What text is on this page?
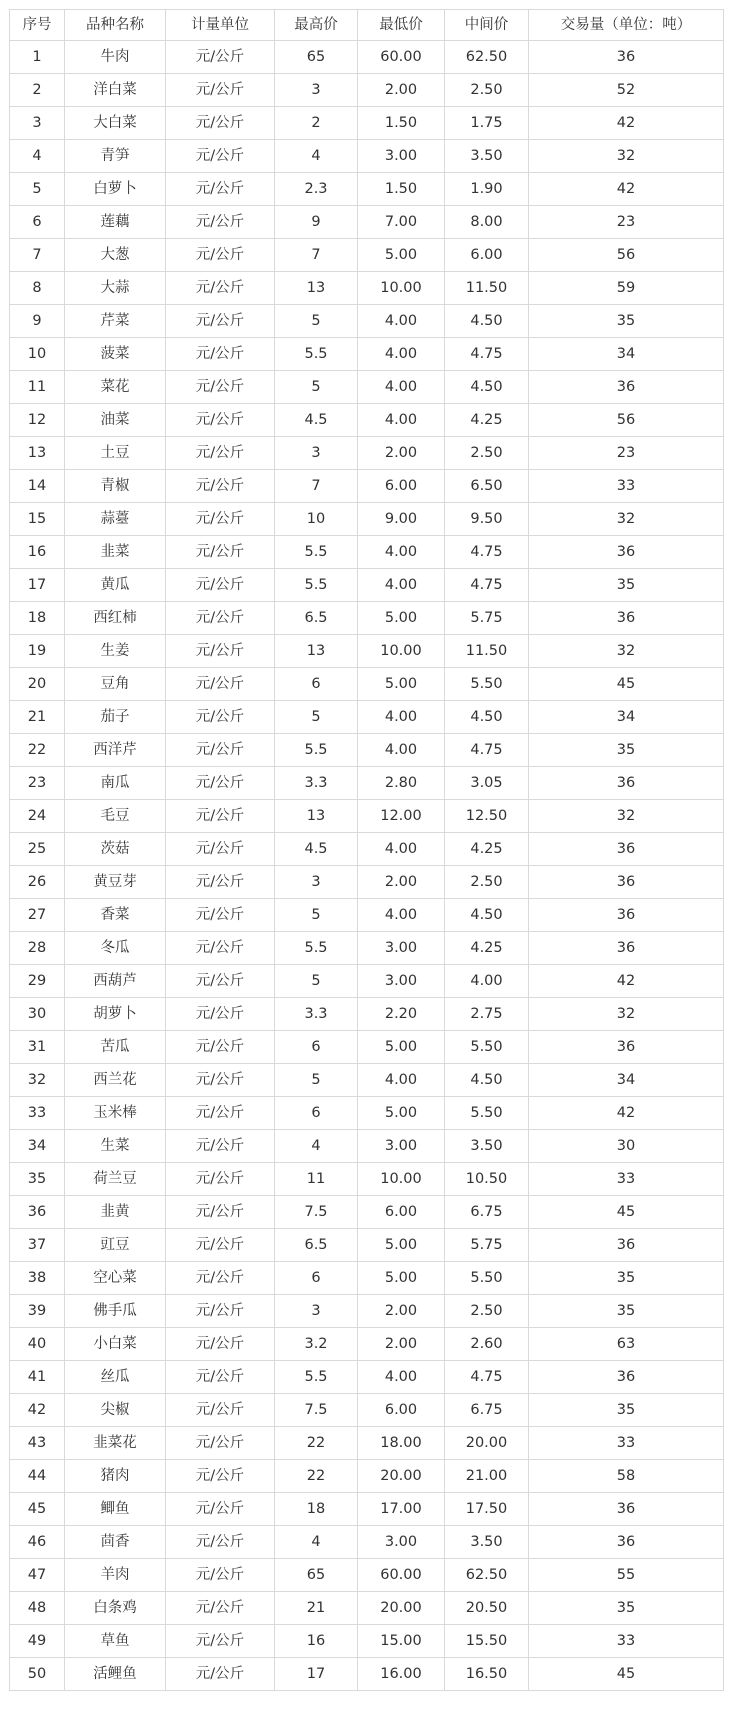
序号	品种名称	计量单位	最高价	最低价	中间价	交易量（单位：吨）
1	牛肉	元/公斤	65	60.00	62.50	36
2	洋白菜	元/公斤	3	2.00	2.50	52
3	大白菜	元/公斤	2	1.50	1.75	42
4	青笋	元/公斤	4	3.00	3.50	32
5	白萝卜	元/公斤	2.3	1.50	1.90	42
6	莲藕	元/公斤	9	7.00	8.00	23
7	大葱	元/公斤	7	5.00	6.00	56
8	大蒜	元/公斤	13	10.00	11.50	59
9	芹菜	元/公斤	5	4.00	4.50	35
10	菠菜	元/公斤	5.5	4.00	4.75	34
11	菜花	元/公斤	5	4.00	4.50	36
12	油菜	元/公斤	4.5	4.00	4.25	56
13	土豆	元/公斤	3	2.00	2.50	23
14	青椒	元/公斤	7	6.00	6.50	33
15	蒜薹	元/公斤	10	9.00	9.50	32
16	韭菜	元/公斤	5.5	4.00	4.75	36
17	黄瓜	元/公斤	5.5	4.00	4.75	35
18	西红柿	元/公斤	6.5	5.00	5.75	36
19	生姜	元/公斤	13	10.00	11.50	32
20	豆角	元/公斤	6	5.00	5.50	45
21	茄子	元/公斤	5	4.00	4.50	34
22	西洋芹	元/公斤	5.5	4.00	4.75	35
23	南瓜	元/公斤	3.3	2.80	3.05	36
24	毛豆	元/公斤	13	12.00	12.50	32
25	茨菇	元/公斤	4.5	4.00	4.25	36
26	黄豆芽	元/公斤	3	2.00	2.50	36
27	香菜	元/公斤	5	4.00	4.50	36
28	冬瓜	元/公斤	5.5	3.00	4.25	36
29	西葫芦	元/公斤	5	3.00	4.00	42
30	胡萝卜	元/公斤	3.3	2.20	2.75	32
31	苦瓜	元/公斤	6	5.00	5.50	36
32	西兰花	元/公斤	5	4.00	4.50	34
33	玉米棒	元/公斤	6	5.00	5.50	42
34	生菜	元/公斤	4	3.00	3.50	30
35	荷兰豆	元/公斤	11	10.00	10.50	33
36	韭黄	元/公斤	7.5	6.00	6.75	45
37	豇豆	元/公斤	6.5	5.00	5.75	36
38	空心菜	元/公斤	6	5.00	5.50	35
39	佛手瓜	元/公斤	3	2.00	2.50	35
40	小白菜	元/公斤	3.2	2.00	2.60	63
41	丝瓜	元/公斤	5.5	4.00	4.75	36
42	尖椒	元/公斤	7.5	6.00	6.75	35
43	韭菜花	元/公斤	22	18.00	20.00	33
44	猪肉	元/公斤	22	20.00	21.00	58
45	鲫鱼	元/公斤	18	17.00	17.50	36
46	茴香	元/公斤	4	3.00	3.50	36
47	羊肉	元/公斤	65	60.00	62.50	55
48	白条鸡	元/公斤	21	20.00	20.50	35
49	草鱼	元/公斤	16	15.00	15.50	33
50	活鲤鱼	元/公斤	17	16.00	16.50	45
